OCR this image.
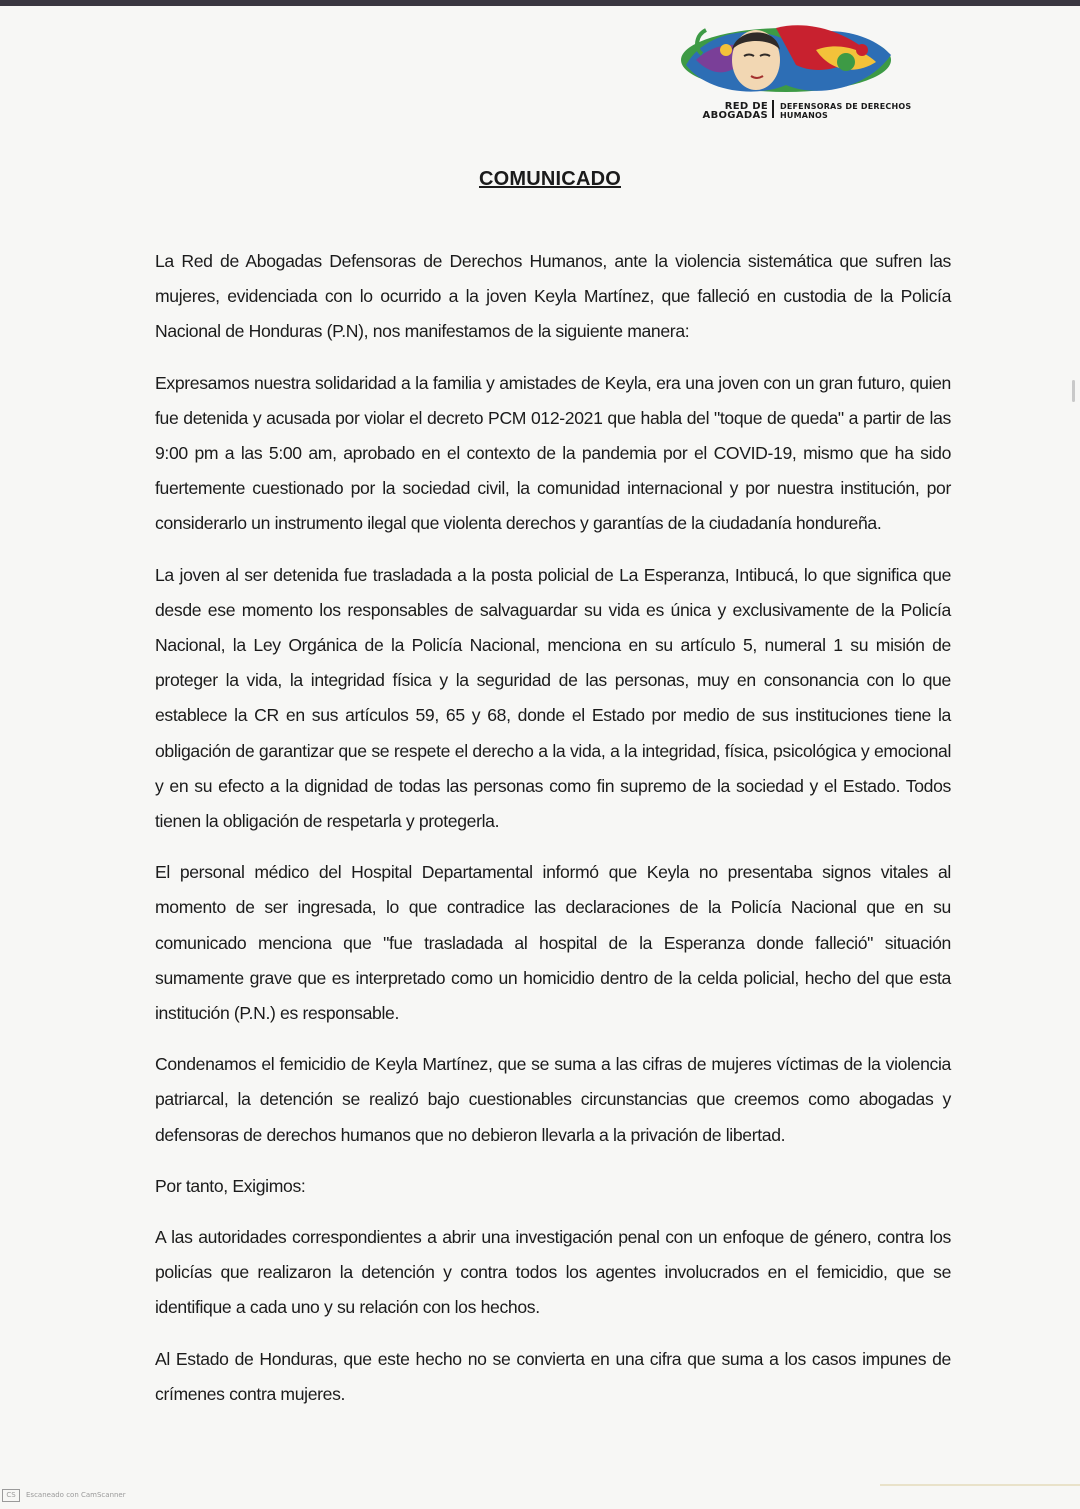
RED DE ABOGADAS
DEFENSORAS DE DERECHOS HUMANOS
COMUNICADO

La Red de Abogadas Defensoras de Derechos Humanos, ante la violencia sistemática que sufren las mujeres, evidenciada con lo ocurrido a la joven Keyla Martínez, que falleció en custodia de la Policía Nacional de Honduras (P.N), nos manifestamos de la siguiente manera:

Expresamos nuestra solidaridad a la familia y amistades de Keyla, era una joven con un gran futuro, quien fue detenida y acusada por violar el decreto PCM 012-2021 que habla del "toque de queda" a partir de las 9:00 pm a las 5:00 am, aprobado en el contexto de la pandemia por el COVID-19, mismo que ha sido fuertemente cuestionado por la sociedad civil, la comunidad internacional y por nuestra institución, por considerarlo un instrumento ilegal que violenta derechos y garantías de la ciudadanía hondureña.

La joven al ser detenida fue trasladada a la posta policial de La Esperanza, Intibucá, lo que significa que desde ese momento los responsables de salvaguardar su vida es única y exclusivamente de la Policía Nacional, la Ley Orgánica de la Policía Nacional, menciona en su artículo 5, numeral 1 su misión de proteger la vida, la integridad física y la seguridad de las personas, muy en consonancia con lo que establece la CR en sus artículos 59, 65 y 68, donde el Estado por medio de sus instituciones tiene la obligación de garantizar que se respete el derecho a la vida, a la integridad, física, psicológica y emocional y en su efecto a la dignidad de todas las personas como fin supremo de la sociedad y el Estado. Todos tienen la obligación de respetarla y protegerla.

El personal médico del Hospital Departamental informó que Keyla no presentaba signos vitales al momento de ser ingresada, lo que contradice las declaraciones de la Policía Nacional que en su comunicado menciona que "fue trasladada al hospital de la Esperanza donde falleció" situación sumamente grave que es interpretado como un homicidio dentro de la celda policial, hecho del que esta institución (P.N.) es responsable.

Condenamos el femicidio de Keyla Martínez, que se suma a las cifras de mujeres víctimas de la violencia patriarcal, la detención se realizó bajo cuestionables circunstancias que creemos como abogadas y defensoras de derechos humanos que no debieron llevarla a la privación de libertad.

Por tanto, Exigimos:

A las autoridades correspondientes a abrir una investigación penal con un enfoque de género, contra los policías que realizaron la detención y contra todos los agentes involucrados en el femicidio, que se identifique a cada uno y su relación con los hechos.

Al Estado de Honduras, que este hecho no se convierta en una cifra que suma a los casos impunes de crímenes contra mujeres.

CS Escaneado con CamScanner
